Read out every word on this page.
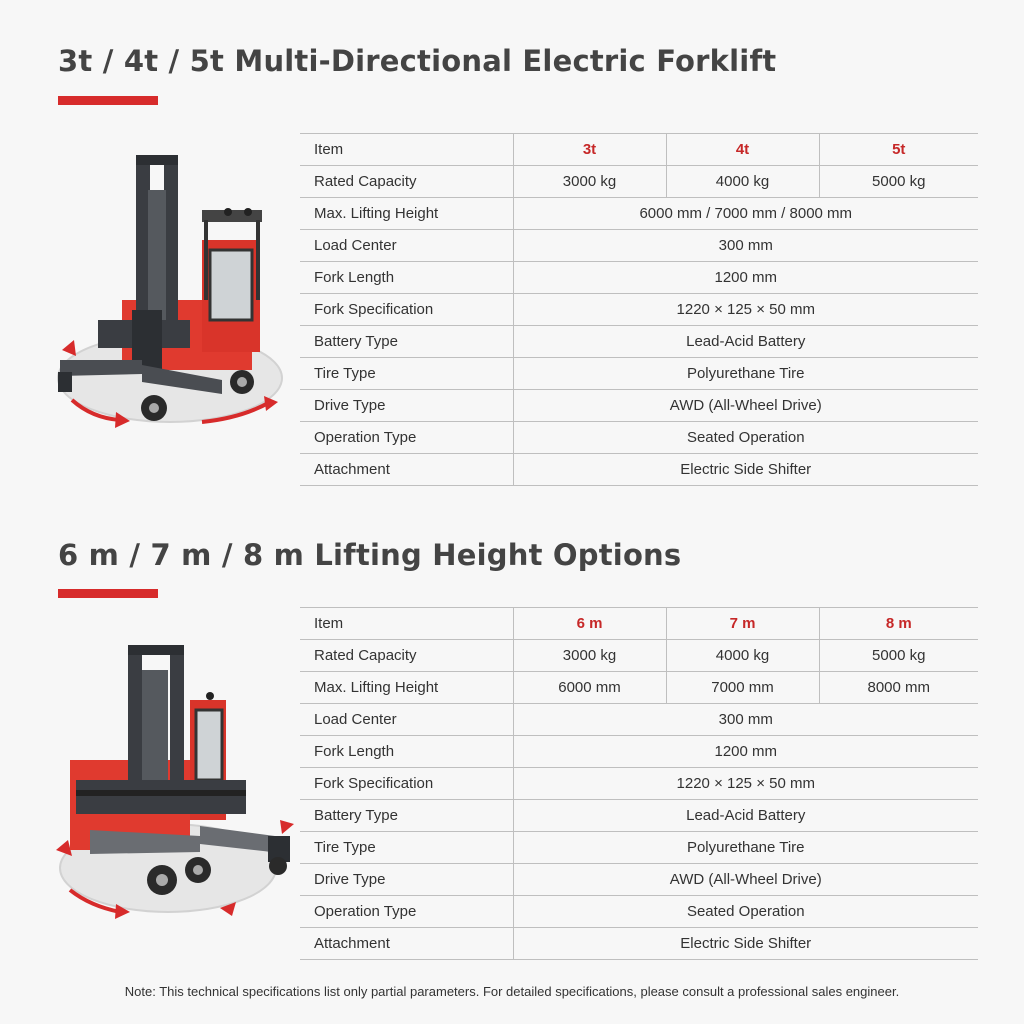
3t / 4t / 5t Multi-Directional Electric Forklift
Item	3t	4t	5t
Rated Capacity	3000 kg	4000 kg	5000 kg
Max. Lifting Height	6000 mm / 7000 mm / 8000 mm		
Load Center	300 mm		
Fork Length	1200 mm		
Fork Specification	1220 × 125 × 50 mm		
Battery Type	Lead-Acid Battery		
Tire Type	Polyurethane Tire		
Drive Type	AWD (All-Wheel Drive)		
Operation Type	Seated Operation		
Attachment	Electric Side Shifter		
6 m / 7 m / 8 m Lifting Height Options
Item	6 m	7 m	8 m
Rated Capacity	3000 kg	4000 kg	5000 kg
Max. Lifting Height	6000 mm	7000 mm	8000 mm
Load Center	300 mm		
Fork Length	1200 mm		
Fork Specification	1220 × 125 × 50 mm		
Battery Type	Lead-Acid Battery		
Tire Type	Polyurethane Tire		
Drive Type	AWD (All-Wheel Drive)		
Operation Type	Seated Operation		
Attachment	Electric Side Shifter		
Note: This technical specifications list only partial parameters. For detailed specifications, please consult a professional sales engineer.
